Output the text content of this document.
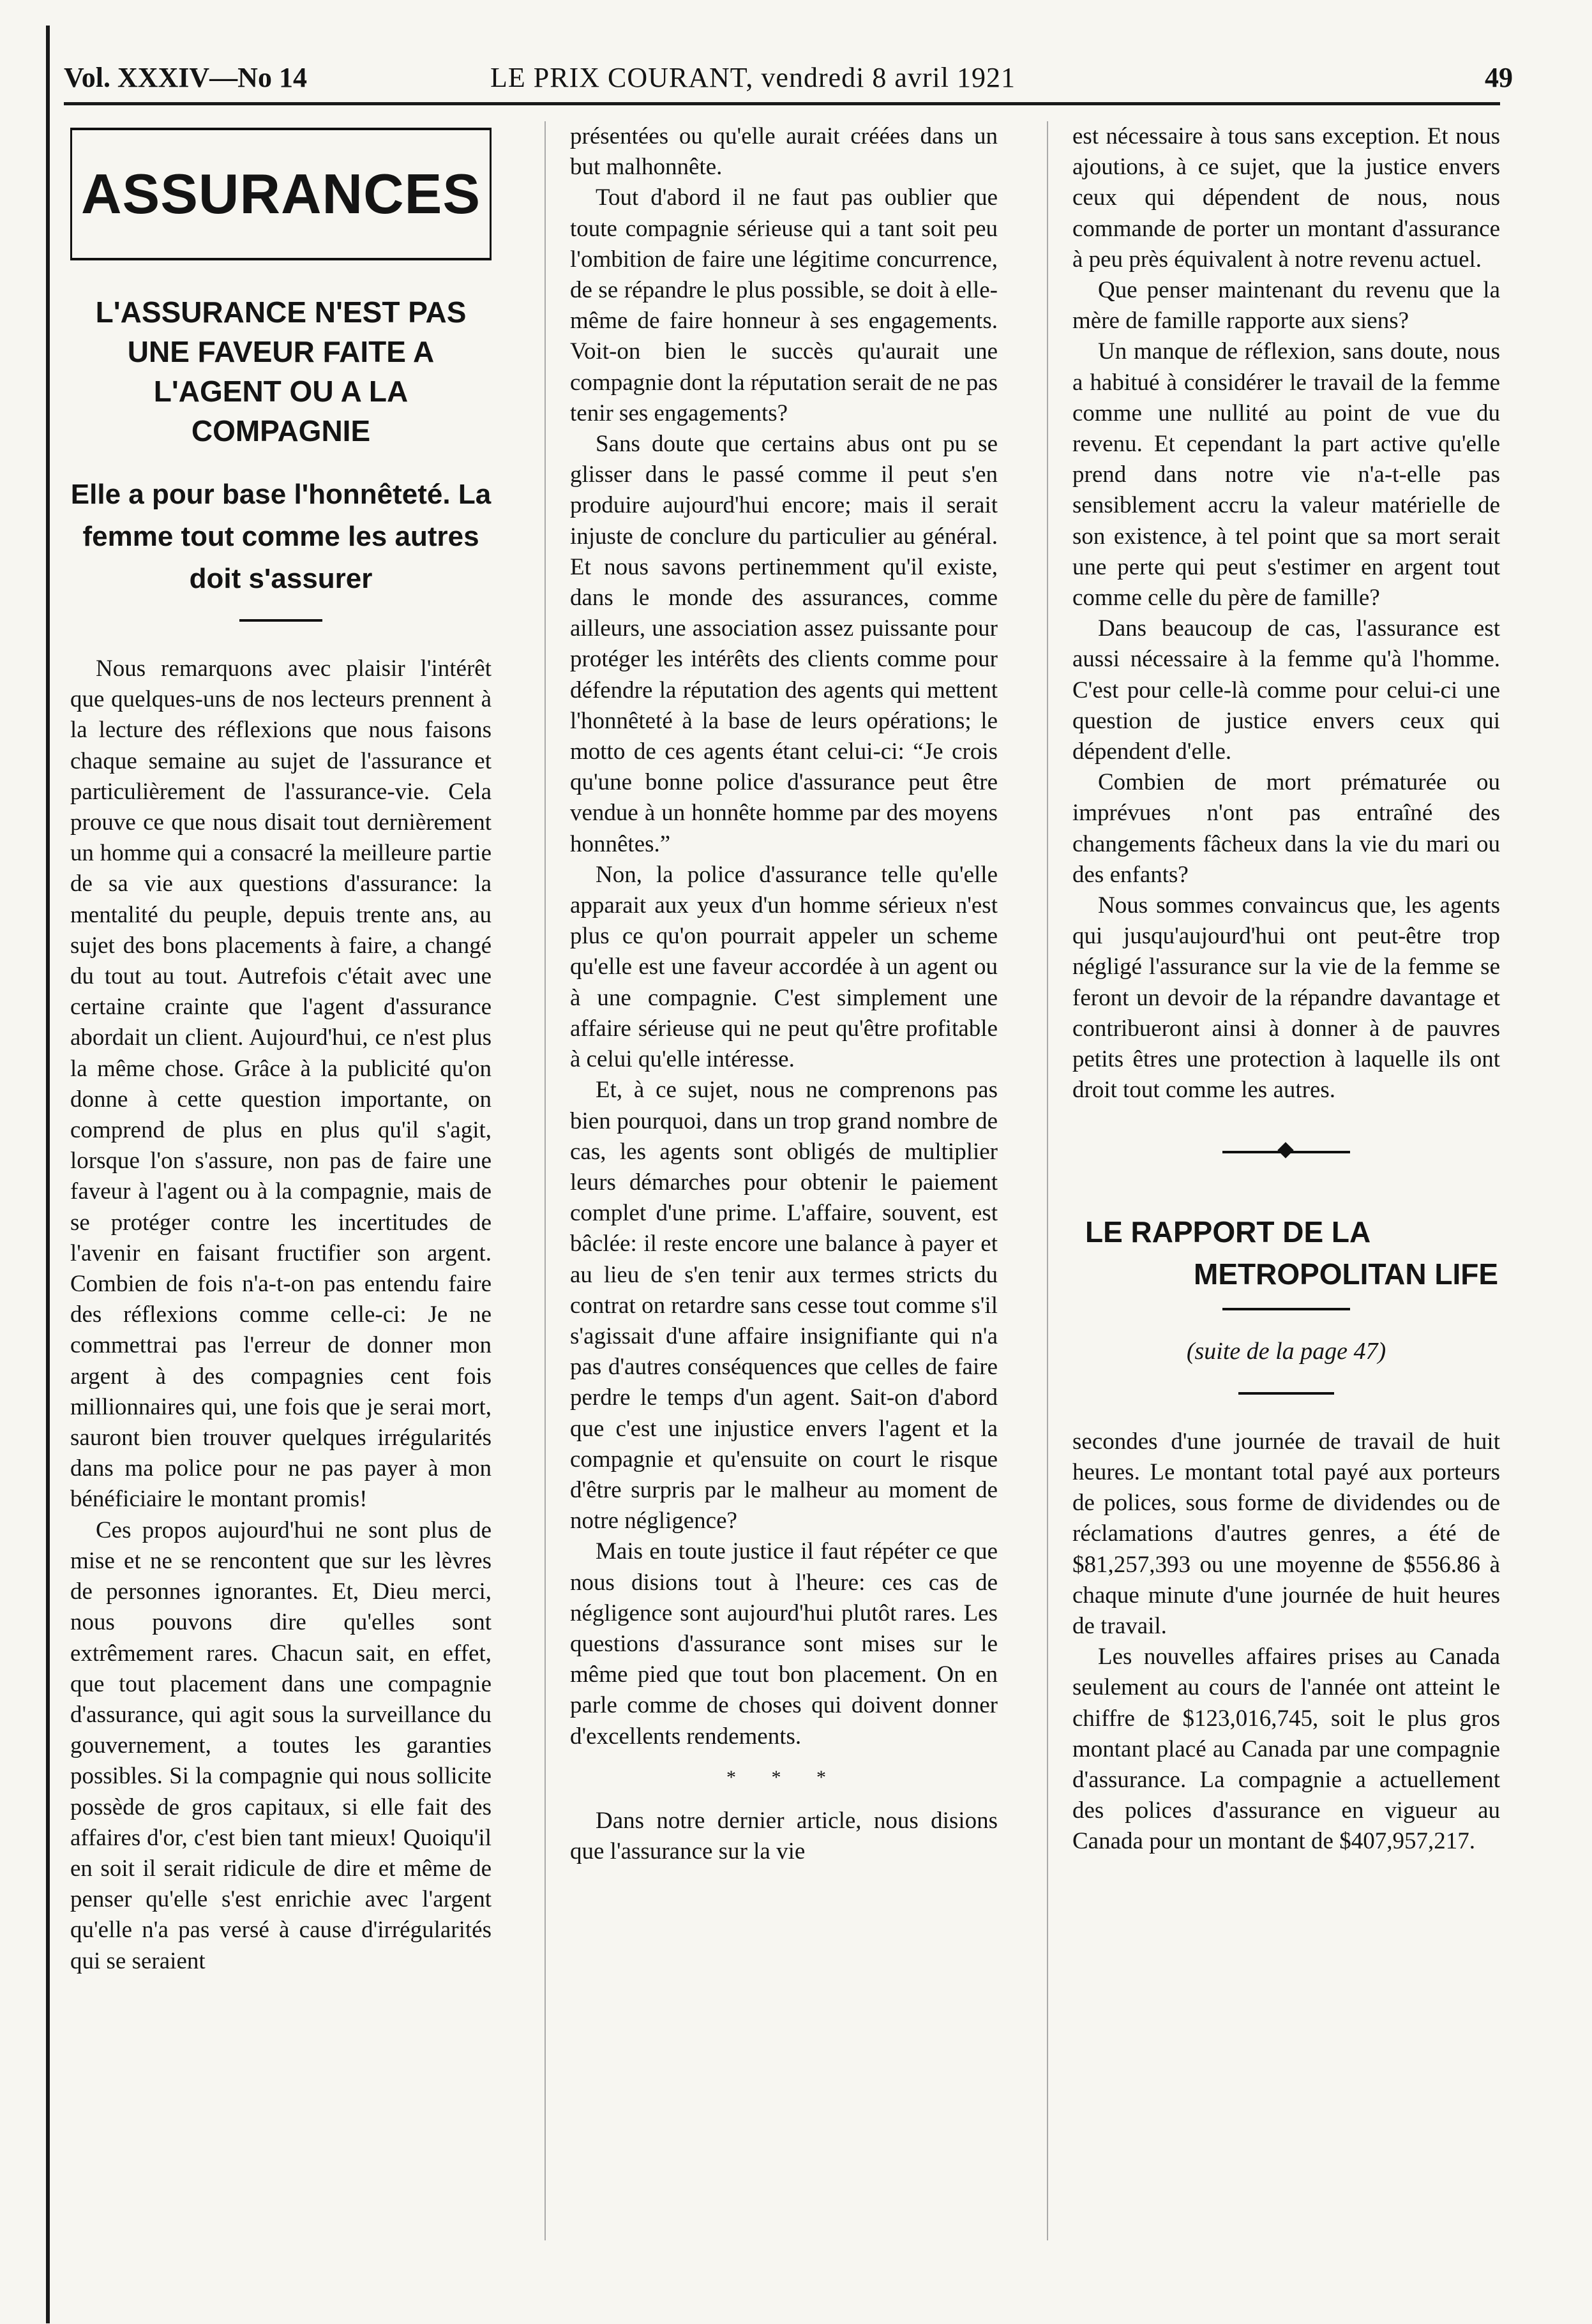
Vol. XXXIV—No 14	LE PRIX COURANT, vendredi 8 avril 1921	49
ASSURANCES
L'ASSURANCE N'EST PAS UNE FAVEUR FAITE A L'AGENT OU A LA COMPAGNIE
Elle a pour base l'honnêteté. La femme tout comme les autres doit s'assurer

Nous remarquons avec plaisir l'intérêt que quelques-uns de nos lecteurs prennent à la lecture des réflexions que nous faisons chaque semaine au sujet de l'assurance et particulièrement de l'assurance-vie. Cela prouve ce que nous disait tout dernièrement un homme qui a consacré la meilleure partie de sa vie aux questions d'assurance: la mentalité du peuple, depuis trente ans, au sujet des bons placements à faire, a changé du tout au tout. Autrefois c'était avec une certaine crainte que l'agent d'assurance abordait un client. Aujourd'hui, ce n'est plus la même chose. Grâce à la publicité qu'on donne à cette question importante, on comprend de plus en plus qu'il s'agit, lorsque l'on s'assure, non pas de faire une faveur à l'agent ou à la compagnie, mais de se protéger contre les incertitudes de l'avenir en faisant fructifier son argent. Combien de fois n'a-t-on pas entendu faire des réflexions comme celle-ci: Je ne commettrai pas l'erreur de donner mon argent à des compagnies cent fois millionnaires qui, une fois que je serai mort, sauront bien trouver quelques irrégularités dans ma police pour ne pas payer à mon bénéficiaire le montant promis!

Ces propos aujourd'hui ne sont plus de mise et ne se rencontent que sur les lèvres de personnes ignorantes. Et, Dieu merci, nous pouvons dire qu'elles sont extrêmement rares. Chacun sait, en effet, que tout placement dans une compagnie d'assurance, qui agit sous la surveillance du gouvernement, a toutes les garanties possibles. Si la compagnie qui nous sollicite possède de gros capitaux, si elle fait des affaires d'or, c'est bien tant mieux! Quoiqu'il en soit il serait ridicule de dire et même de penser qu'elle s'est enrichie avec l'argent qu'elle n'a pas versé à cause d'irrégularités qui se seraient

présentées ou qu'elle aurait créées dans un but malhonnête.

Tout d'abord il ne faut pas oublier que toute compagnie sérieuse qui a tant soit peu l'ombition de faire une légitime concurrence, de se répandre le plus possible, se doit à elle-même de faire honneur à ses engagements. Voit-on bien le succès qu'aurait une compagnie dont la réputation serait de ne pas tenir ses engagements?

Sans doute que certains abus ont pu se glisser dans le passé comme il peut s'en produire aujourd'hui encore; mais il serait injuste de conclure du particulier au général. Et nous savons pertinemment qu'il existe, dans le monde des assurances, comme ailleurs, une association assez puissante pour protéger les intérêts des clients comme pour défendre la réputation des agents qui mettent l'honnêteté à la base de leurs opérations; le motto de ces agents étant celui-ci: “Je crois qu'une bonne police d'assurance peut être vendue à un honnête homme par des moyens honnêtes.”

Non, la police d'assurance telle qu'elle apparait aux yeux d'un homme sérieux n'est plus ce qu'on pourrait appeler un scheme qu'elle est une faveur accordée à un agent ou à une compagnie. C'est simplement une affaire sérieuse qui ne peut qu'être profitable à celui qu'elle intéresse.

Et, à ce sujet, nous ne comprenons pas bien pourquoi, dans un trop grand nombre de cas, les agents sont obligés de multiplier leurs démarches pour obtenir le paiement complet d'une prime. L'affaire, souvent, est bâclée: il reste encore une balance à payer et au lieu de s'en tenir aux termes stricts du contrat on retardre sans cesse tout comme s'il s'agissait d'une affaire insignifiante qui n'a pas d'autres conséquences que celles de faire perdre le temps d'un agent. Sait-on d'abord que c'est une injustice envers l'agent et la compagnie et qu'ensuite on court le risque d'être surpris par le malheur au moment de notre négligence?

Mais en toute justice il faut répéter ce que nous disions tout à l'heure: ces cas de négligence sont aujourd'hui plutôt rares. Les questions d'assurance sont mises sur le même pied que tout bon placement. On en parle comme de choses qui doivent donner d'excellents rendements.

* * *

Dans notre dernier article, nous disions que l'assurance sur la vie

est nécessaire à tous sans exception. Et nous ajoutions, à ce sujet, que la justice envers ceux qui dépendent de nous, nous commande de porter un montant d'assurance à peu près équivalent à notre revenu actuel.

Que penser maintenant du revenu que la mère de famille rapporte aux siens?

Un manque de réflexion, sans doute, nous a habitué à considérer le travail de la femme comme une nullité au point de vue du revenu. Et cependant la part active qu'elle prend dans notre vie n'a-t-elle pas sensiblement accru la valeur matérielle de son existence, à tel point que sa mort serait une perte qui peut s'estimer en argent tout comme celle du père de famille?

Dans beaucoup de cas, l'assurance est aussi nécessaire à la femme qu'à l'homme. C'est pour celle-là comme pour celui-ci une question de justice envers ceux qui dépendent d'elle.

Combien de mort prématurée ou imprévues n'ont pas entraîné des changements fâcheux dans la vie du mari ou des enfants?

Nous sommes convaincus que, les agents qui jusqu'aujourd'hui ont peut-être trop négligé l'assurance sur la vie de la femme se feront un devoir de la répandre davantage et contribueront ainsi à donner à de pauvres petits êtres une protection à laquelle ils ont droit tout comme les autres.

LE RAPPORT DE LA
METROPOLITAN LIFE
(suite de la page 47)

secondes d'une journée de travail de huit heures. Le montant total payé aux porteurs de polices, sous forme de dividendes ou de réclamations d'autres genres, a été de $81,257,393 ou une moyenne de $556.86 à chaque minute d'une journée de huit heures de travail.

Les nouvelles affaires prises au Canada seulement au cours de l'année ont atteint le chiffre de $123,016,745, soit le plus gros montant placé au Canada par une compagnie d'assurance. La compagnie a actuellement des polices d'assurance en vigueur au Canada pour un montant de $407,957,217.
